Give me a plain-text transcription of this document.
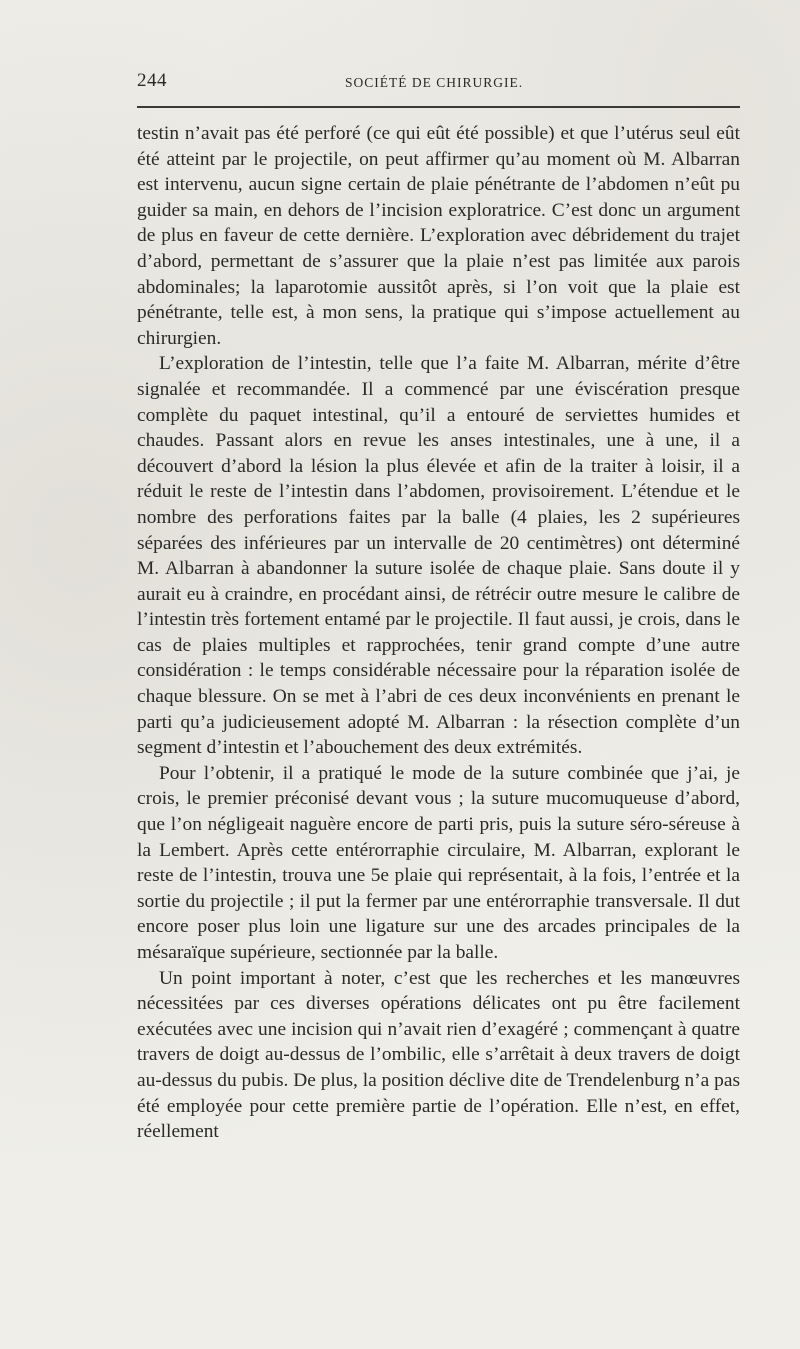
244	SOCIÉTÉ DE CHIRURGIE.

testin n’avait pas été perforé (ce qui eût été possible) et que l’utérus seul eût été atteint par le projectile, on peut affirmer qu’au moment où M. Albarran est intervenu, aucun signe certain de plaie pénétrante de l’abdomen n’eût pu guider sa main, en dehors de l’incision exploratrice. C’est donc un argument de plus en faveur de cette dernière. L’exploration avec débridement du trajet d’abord, permettant de s’assurer que la plaie n’est pas limitée aux parois abdominales; la laparotomie aussitôt après, si l’on voit que la plaie est pénétrante, telle est, à mon sens, la pratique qui s’impose actuellement au chirurgien.

L’exploration de l’intestin, telle que l’a faite M. Albarran, mérite d’être signalée et recommandée. Il a commencé par une éviscération presque complète du paquet intestinal, qu’il a entouré de serviettes humides et chaudes. Passant alors en revue les anses intestinales, une à une, il a découvert d’abord la lésion la plus élevée et afin de la traiter à loisir, il a réduit le reste de l’intestin dans l’abdomen, provisoirement. L’étendue et le nombre des perforations faites par la balle (4 plaies, les 2 supérieures séparées des inférieures par un intervalle de 20 centimètres) ont déterminé M. Albarran à abandonner la suture isolée de chaque plaie. Sans doute il y aurait eu à craindre, en procédant ainsi, de rétrécir outre mesure le calibre de l’intestin très fortement entamé par le projectile. Il faut aussi, je crois, dans le cas de plaies multiples et rapprochées, tenir grand compte d’une autre considération : le temps considérable nécessaire pour la réparation isolée de chaque blessure. On se met à l’abri de ces deux inconvénients en prenant le parti qu’a judicieusement adopté M. Albarran : la résection complète d’un segment d’intestin et l’abouchement des deux extrémités.

Pour l’obtenir, il a pratiqué le mode de la suture combinée que j’ai, je crois, le premier préconisé devant vous ; la suture mucomuqueuse d’abord, que l’on négligeait naguère encore de parti pris, puis la suture séro-séreuse à la Lembert. Après cette entérorraphie circulaire, M. Albarran, explorant le reste de l’intestin, trouva une 5e plaie qui représentait, à la fois, l’entrée et la sortie du projectile ; il put la fermer par une entérorraphie transversale. Il dut encore poser plus loin une ligature sur une des arcades principales de la mésaraïque supérieure, sectionnée par la balle.

Un point important à noter, c’est que les recherches et les manœuvres nécessitées par ces diverses opérations délicates ont pu être facilement exécutées avec une incision qui n’avait rien d’exagéré ; commençant à quatre travers de doigt au-dessus de l’ombilic, elle s’arrêtait à deux travers de doigt au-dessus du pubis. De plus, la position déclive dite de Trendelenburg n’a pas été employée pour cette première partie de l’opération. Elle n’est, en effet, réellement
